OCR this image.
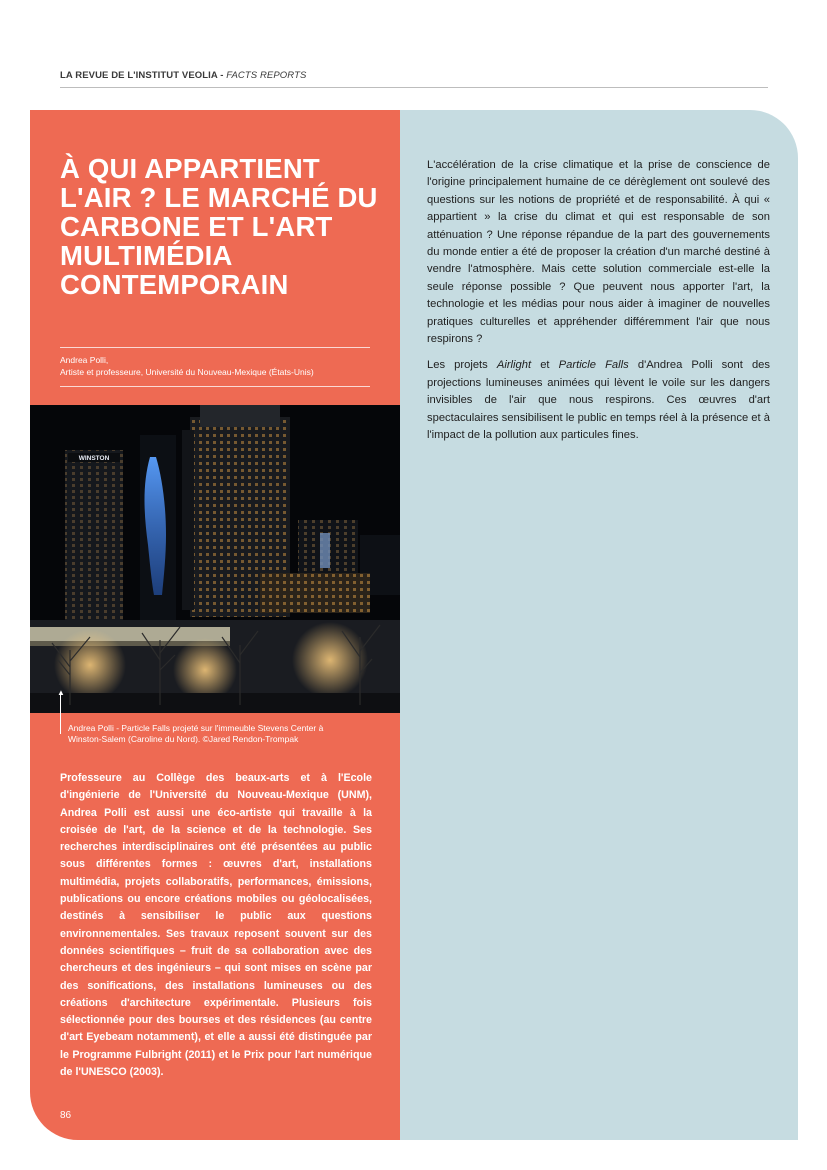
LA REVUE DE L'INSTITUT VEOLIA - FACTS REPORTS
À QUI APPARTIENT L'AIR ? LE MARCHÉ DU CARBONE ET L'ART MULTIMÉDIA CONTEMPORAIN
Andrea Polli,
Artiste et professeure, Université du Nouveau-Mexique (États-Unis)
WINSTON
▲
Andrea Polli - Particle Falls projeté sur l'immeuble Stevens Center à
Winston-Salem (Caroline du Nord). ©Jared Rendon-Trompak

Professeure au Collège des beaux-arts et à l'Ecole d'ingénierie de l'Université du Nouveau-Mexique (UNM), Andrea Polli est aussi une éco-artiste qui travaille à la croisée de l'art, de la science et de la technologie. Ses recherches interdisciplinaires ont été présentées au public sous différentes formes : œuvres d'art, installations multimédia, projets collaboratifs, performances, émissions, publications ou encore créations mobiles ou géolocalisées, destinés à sensibiliser le public aux questions environnementales. Ses travaux reposent souvent sur des données scientifiques – fruit de sa collaboration avec des chercheurs et des ingénieurs – qui sont mises en scène par des sonifications, des installations lumineuses ou des créations d'architecture expérimentale. Plusieurs fois sélectionnée pour des bourses et des résidences (au centre d'art Eyebeam notamment), et elle a aussi été distinguée par le Programme Fulbright (2011) et le Prix pour l'art numérique de l'UNESCO (2003).

86

L'accélération de la crise climatique et la prise de conscience de l'origine principalement humaine de ce dérèglement ont soulevé des questions sur les notions de propriété et de responsabilité. À qui « appartient » la crise du climat et qui est responsable de son atténuation ? Une réponse répandue de la part des gouvernements du monde entier a été de proposer la création d'un marché destiné à vendre l'atmosphère. Mais cette solution commerciale est-elle la seule réponse possible ? Que peuvent nous apporter l'art, la technologie et les médias pour nous aider à imaginer de nouvelles pratiques culturelles et appréhender différemment l'air que nous respirons ?

Les projets Airlight et Particle Falls d'Andrea Polli sont des projections lumineuses animées qui lèvent le voile sur les dangers invisibles de l'air que nous respirons. Ces œuvres d'art spectaculaires sensibilisent le public en temps réel à la présence et à l'impact de la pollution aux particules fines.
